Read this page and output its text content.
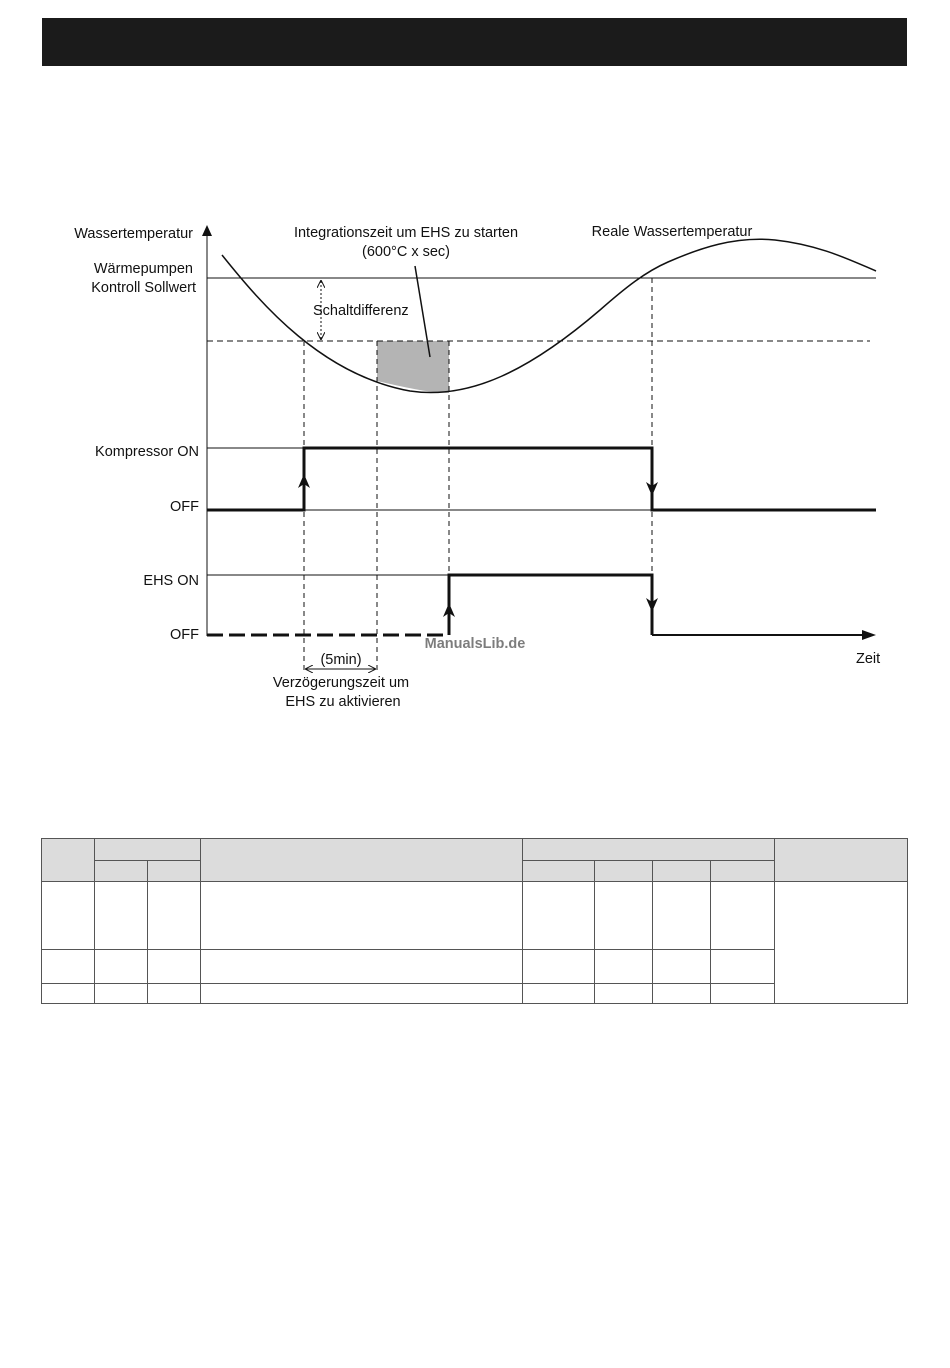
Wassertemperatur
Wärmepumpen
Kontroll Sollwert
Integrationszeit um EHS zu starten
(600°C x sec)
Reale Wassertemperatur
Schaltdifferenz
Kompressor ON
OFF
EHS ON
OFF
Zeit
(5min)
Verzögerungszeit um
EHS zu aktivieren
ManualsLib.de
